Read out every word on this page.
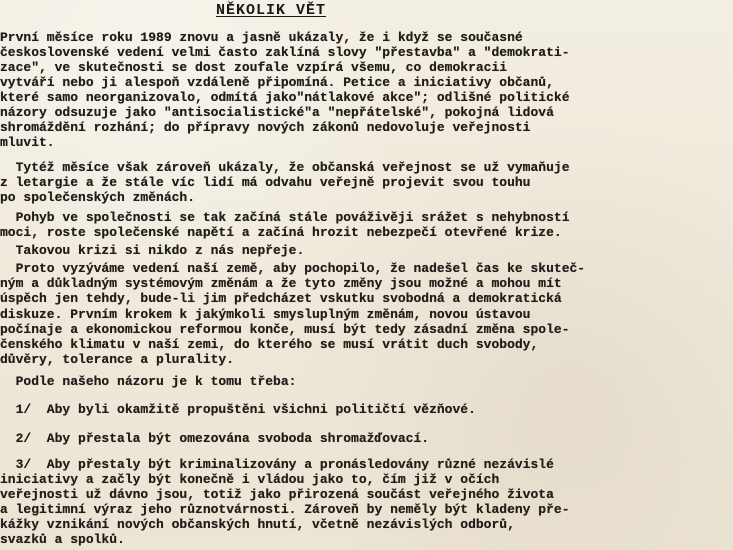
NĚKOLIK VĚT
První měsíce roku 1989 znovu a jasně ukázaly, že i když se současné
československé vedení velmi často zaklíná slovy "přestavba" a "demokrati-
zace", ve skutečnosti se dost zoufale vzpírá všemu, co demokracii
vytváří nebo ji alespoň vzdáleně připomíná. Petice a iniciativy občanů,
které samo neorganizovalo, odmítá jako"nátlakové akce"; odlišné politické
názory odsuzuje jako "antisocialistické"a "nepřátelské", pokojná lidová
shromáždění rozhání; do přípravy nových zákonů nedovoluje veřejnosti
mluvit.
Tytéž měsíce však zároveň ukázaly, že občanská veřejnost se už vymaňuje
z letargie a že stále víc lidí má odvahu veřejně projevit svou touhu
po společenských změnách.
Pohyb ve společnosti se tak začíná stále pováživěji srážet s nehybností
moci, roste společenské napětí a začíná hrozit nebezpečí otevřené krize.
Takovou krizi si nikdo z nás nepřeje.
Proto vyzýváme vedení naší země, aby pochopilo, že nadešel čas ke skuteč-
ným a důkladným systémovým změnám a že tyto změny jsou možné a mohou mít
úspěch jen tehdy, bude-li jim předcházet vskutku svobodná a demokratická
diskuze. Prvním krokem k jakýmkoli smysluplným změnám, novou ústavou
počínaje a ekonomickou reformou konče, musí být tedy zásadní změna spole-
čenského klimatu v naší zemi, do kterého se musí vrátit duch svobody,
důvěry, tolerance a plurality.
Podle našeho názoru je k tomu třeba:
1/  Aby byli okamžitě propuštěni všichni političtí vězňové.
2/  Aby přestala být omezována svoboda shromažďovací.
3/  Aby přestaly být kriminalizovány a pronásledovány různé nezávislé
iniciativy a začly být konečně i vládou jako to, čím již v očích
veřejnosti už dávno jsou, totiž jako přirozená součást veřejného života
a legitimní výraz jeho různotvárnosti. Zároveň by neměly být kladeny pře-
kážky vznikání nových občanských hnutí, včetně nezávislých odborů,
svazků a spolků.
